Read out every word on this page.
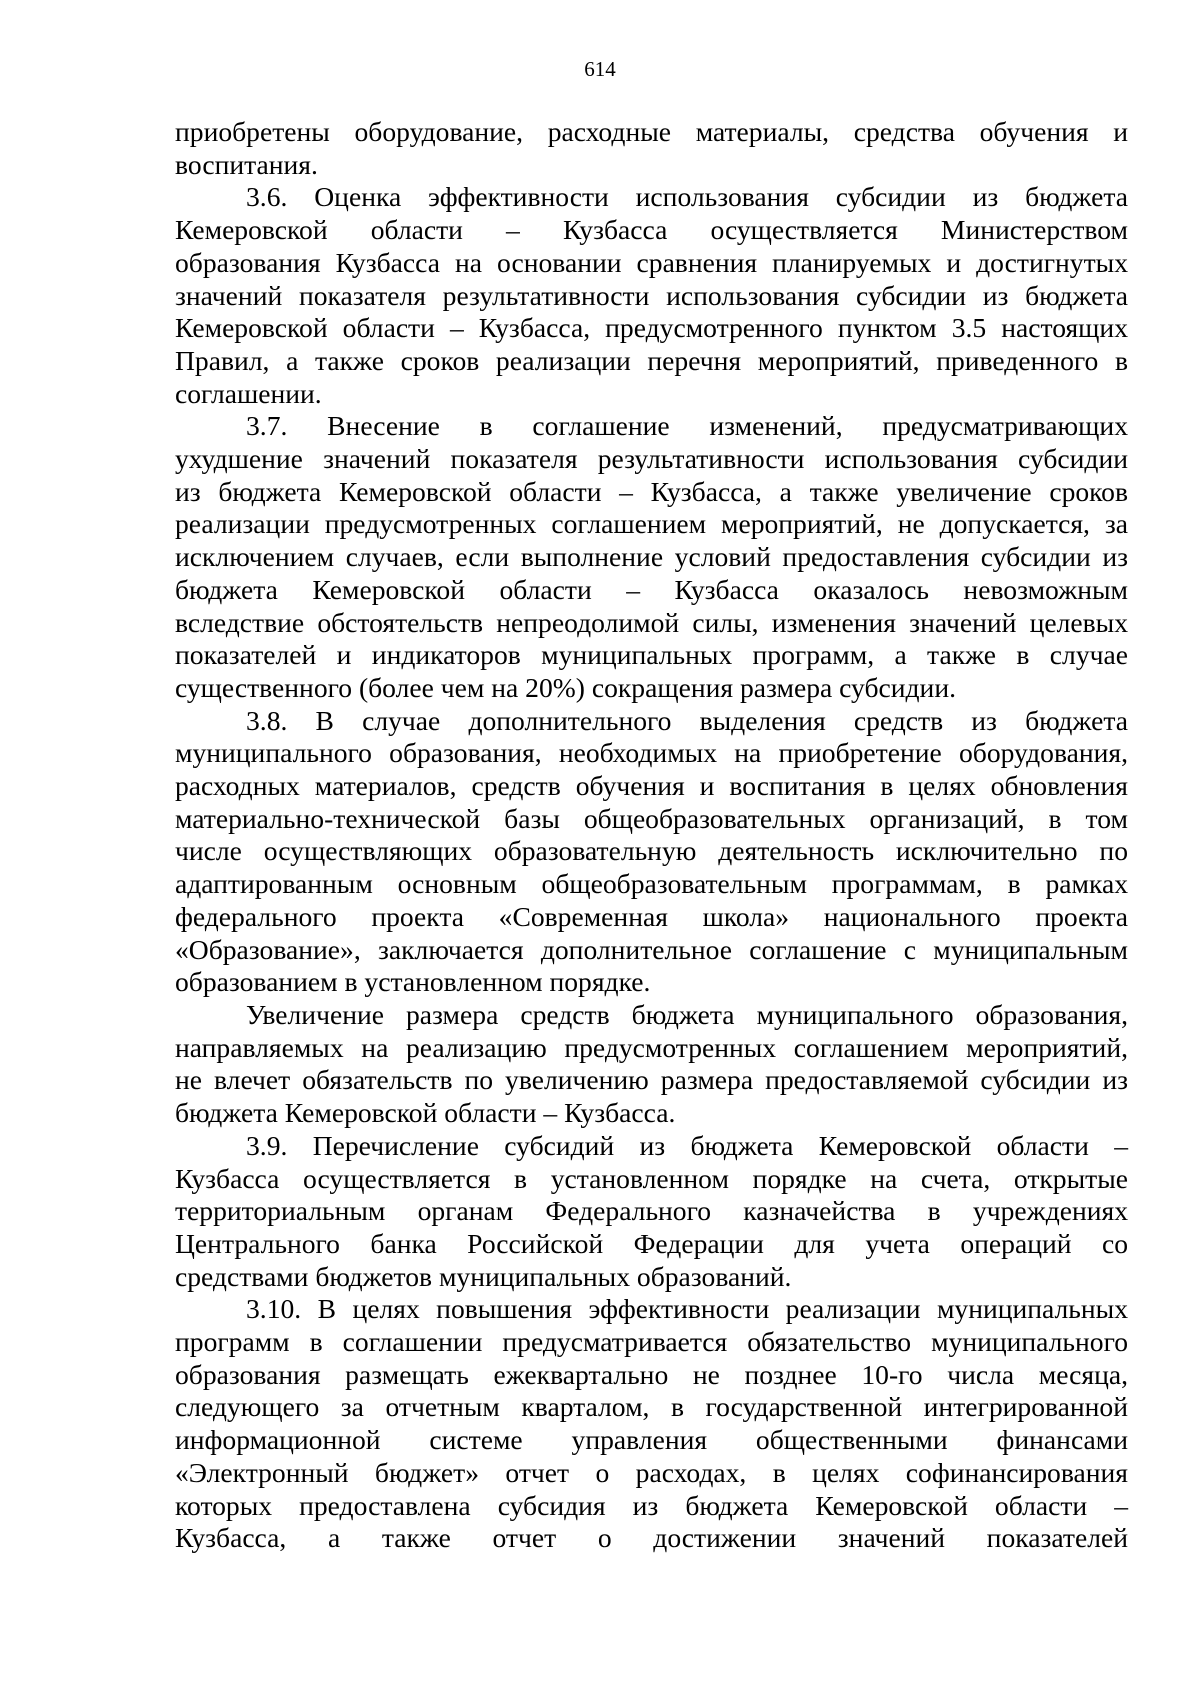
614
приобретены оборудование, расходные материалы, средства обучения и
воспитания.
3.6. Оценка эффективности использования субсидии из бюджета
Кемеровской области – Кузбасса осуществляется Министерством
образования Кузбасса на основании сравнения планируемых и достигнутых
значений показателя результативности использования субсидии из бюджета
Кемеровской области – Кузбасса, предусмотренного пунктом 3.5 настоящих
Правил, а также сроков реализации перечня мероприятий, приведенного в
соглашении.
3.7. Внесение в соглашение изменений, предусматривающих
ухудшение значений показателя результативности использования субсидии
из бюджета Кемеровской области – Кузбасса, а также увеличение сроков
реализации предусмотренных соглашением мероприятий, не допускается, за
исключением случаев, если выполнение условий предоставления субсидии из
бюджета Кемеровской области – Кузбасса оказалось невозможным
вследствие обстоятельств непреодолимой силы, изменения значений целевых
показателей и индикаторов муниципальных программ, а также в случае
существенного (более чем на 20%) сокращения размера субсидии.
3.8. В случае дополнительного выделения средств из бюджета
муниципального образования, необходимых на приобретение оборудования,
расходных материалов, средств обучения и воспитания в целях обновления
материально-технической базы общеобразовательных организаций, в том
числе осуществляющих образовательную деятельность исключительно по
адаптированным основным общеобразовательным программам, в рамках
федерального проекта «Современная школа» национального проекта
«Образование», заключается дополнительное соглашение с муниципальным
образованием в установленном порядке.
Увеличение размера средств бюджета муниципального образования,
направляемых на реализацию предусмотренных соглашением мероприятий,
не влечет обязательств по увеличению размера предоставляемой субсидии из
бюджета Кемеровской области – Кузбасса.
3.9. Перечисление субсидий из бюджета Кемеровской области –
Кузбасса осуществляется в установленном порядке на счета, открытые
территориальным органам Федерального казначейства в учреждениях
Центрального банка Российской Федерации для учета операций со
средствами бюджетов муниципальных образований.
3.10. В целях повышения эффективности реализации муниципальных
программ в соглашении предусматривается обязательство муниципального
образования размещать ежеквартально не позднее 10-го числа месяца,
следующего за отчетным кварталом, в государственной интегрированной
информационной системе управления общественными финансами
«Электронный бюджет» отчет о расходах, в целях софинансирования
которых предоставлена субсидия из бюджета Кемеровской области –
Кузбасса, а также отчет о достижении значений показателей
